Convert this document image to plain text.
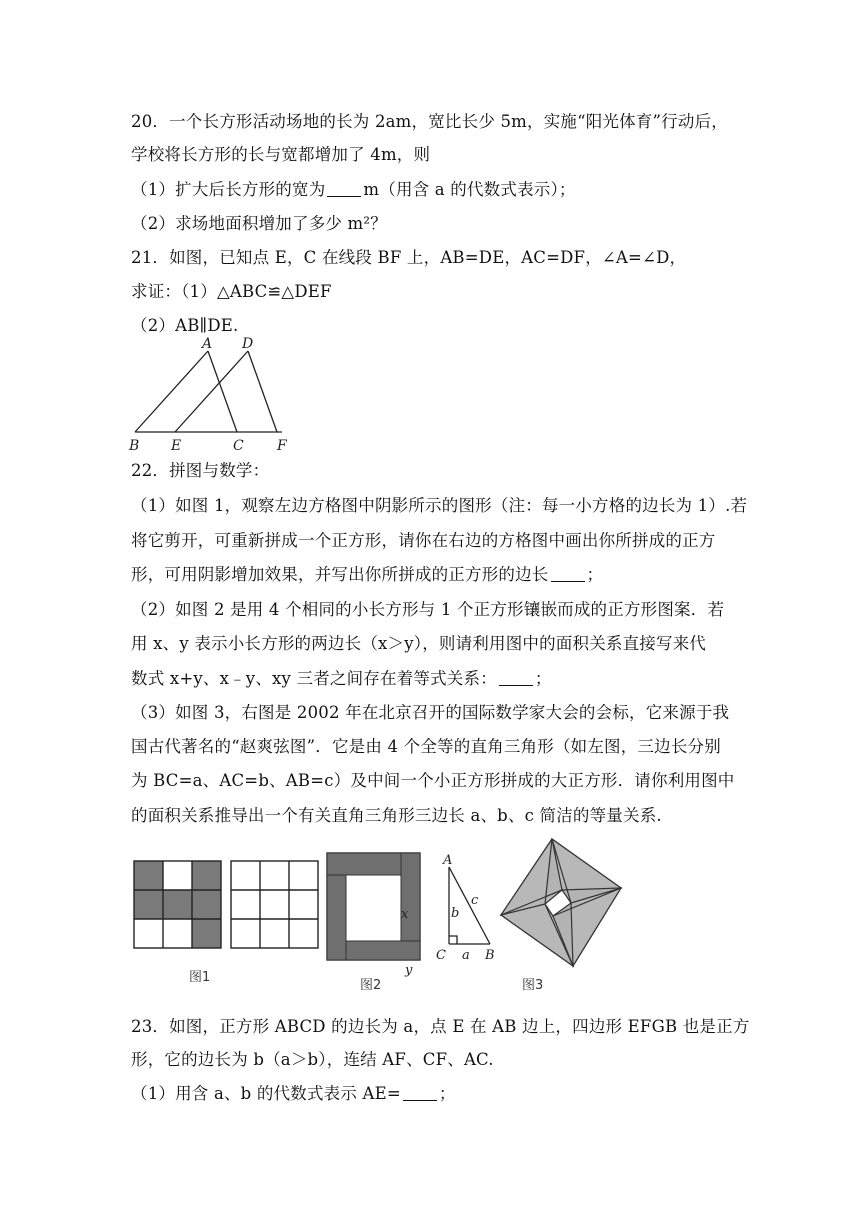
20．一个长方形活动场地的长为 2am，宽比长少 5m，实施“阳光体育”行动后，
学校将长方形的长与宽都增加了 4m，则
（1）扩大后长方形的宽为 m（用含 a 的代数式表示）；
（2）求场地面积增加了多少 m²？
21．如图，已知点 E，C 在线段 BF 上，AB=DE，AC=DF，∠A=∠D，
求证：（1）△ABC≌△DEF
（2）AB∥DE.
A D
B E	C F
22．拼图与数学：
（1）如图 1，观察左边方格图中阴影所示的图形（注：每一小方格的边长为 1）.若
将它剪开，可重新拼成一个正方形，请你在右边的方格图中画出你所拼成的正方
形，可用阴影增加效果，并写出你所拼成的正方形的边长 ；
（2）如图 2 是用 4 个相同的小长方形与 1 个正方形镶嵌而成的正方形图案．若
用 x、y 表示小长方形的两边长（x＞y），则请利用图中的面积关系直接写来代
数式 x+y、x﹣y、xy 三者之间存在着等式关系： ；
（3）如图 3，右图是 2002 年在北京召开的国际数学家大会的会标，它来源于我
国古代著名的“赵爽弦图”．它是由 4 个全等的直角三角形（如左图，三边长分别
为 BC=a、AC=b、AB=c）及中间一个小正方形拼成的大正方形．请你利用图中
的面积关系推导出一个有关直角三角形三边长 a、b、c 简洁的等量关系.
图1
x
y
图2
A
b
c
C a B
图3
23．如图，正方形 ABCD 的边长为 a，点 E 在 AB 边上，四边形 EFGB 也是正方
形，它的边长为 b（a＞b），连结 AF、CF、AC.
（1）用含 a、b 的代数式表示 AE= ；
